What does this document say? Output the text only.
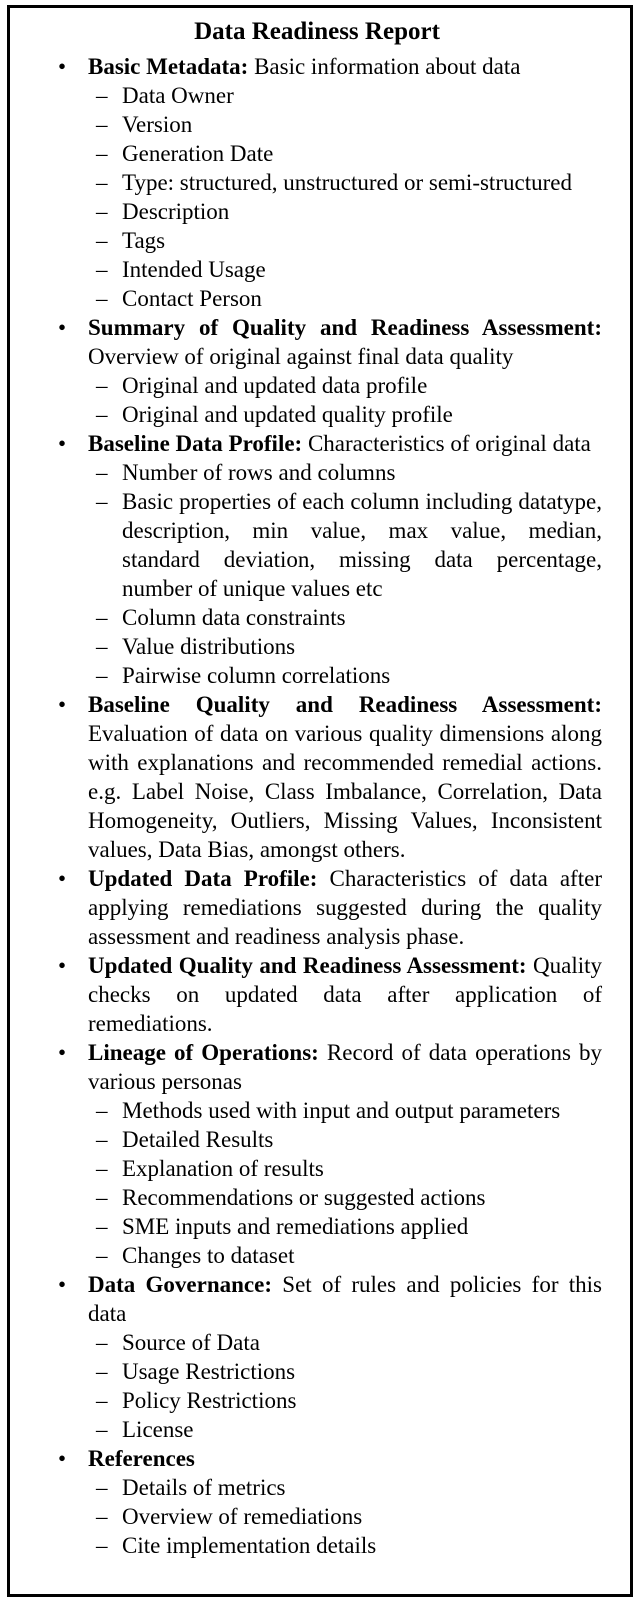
Data Readiness Report
• Basic Metadata: Basic information about data
– Data Owner
– Version
– Generation Date
– Type: structured, unstructured or semi-structured
– Description
– Tags
– Intended Usage
– Contact Person
• Summary of Quality and Readiness Assessment: Overview of original against final data quality
– Original and updated data profile
– Original and updated quality profile
• Baseline Data Profile: Characteristics of original data
– Number of rows and columns
– Basic properties of each column including datatype, description, min value, max value, median, standard deviation, missing data percentage, number of unique values etc
– Column data constraints
– Value distributions
– Pairwise column correlations
• Baseline Quality and Readiness Assessment: Evaluation of data on various quality dimensions along with explanations and recommended remedial actions. e.g. Label Noise, Class Imbalance, Correlation, Data Homogeneity, Outliers, Missing Values, Inconsistent values, Data Bias, amongst others.
• Updated Data Profile: Characteristics of data after applying remediations suggested during the quality assessment and readiness analysis phase.
• Updated Quality and Readiness Assessment: Quality checks on updated data after application of remediations.
• Lineage of Operations: Record of data operations by various personas
– Methods used with input and output parameters
– Detailed Results
– Explanation of results
– Recommendations or suggested actions
– SME inputs and remediations applied
– Changes to dataset
• Data Governance: Set of rules and policies for this data
– Source of Data
– Usage Restrictions
– Policy Restrictions
– License
• References
– Details of metrics
– Overview of remediations
– Cite implementation details
